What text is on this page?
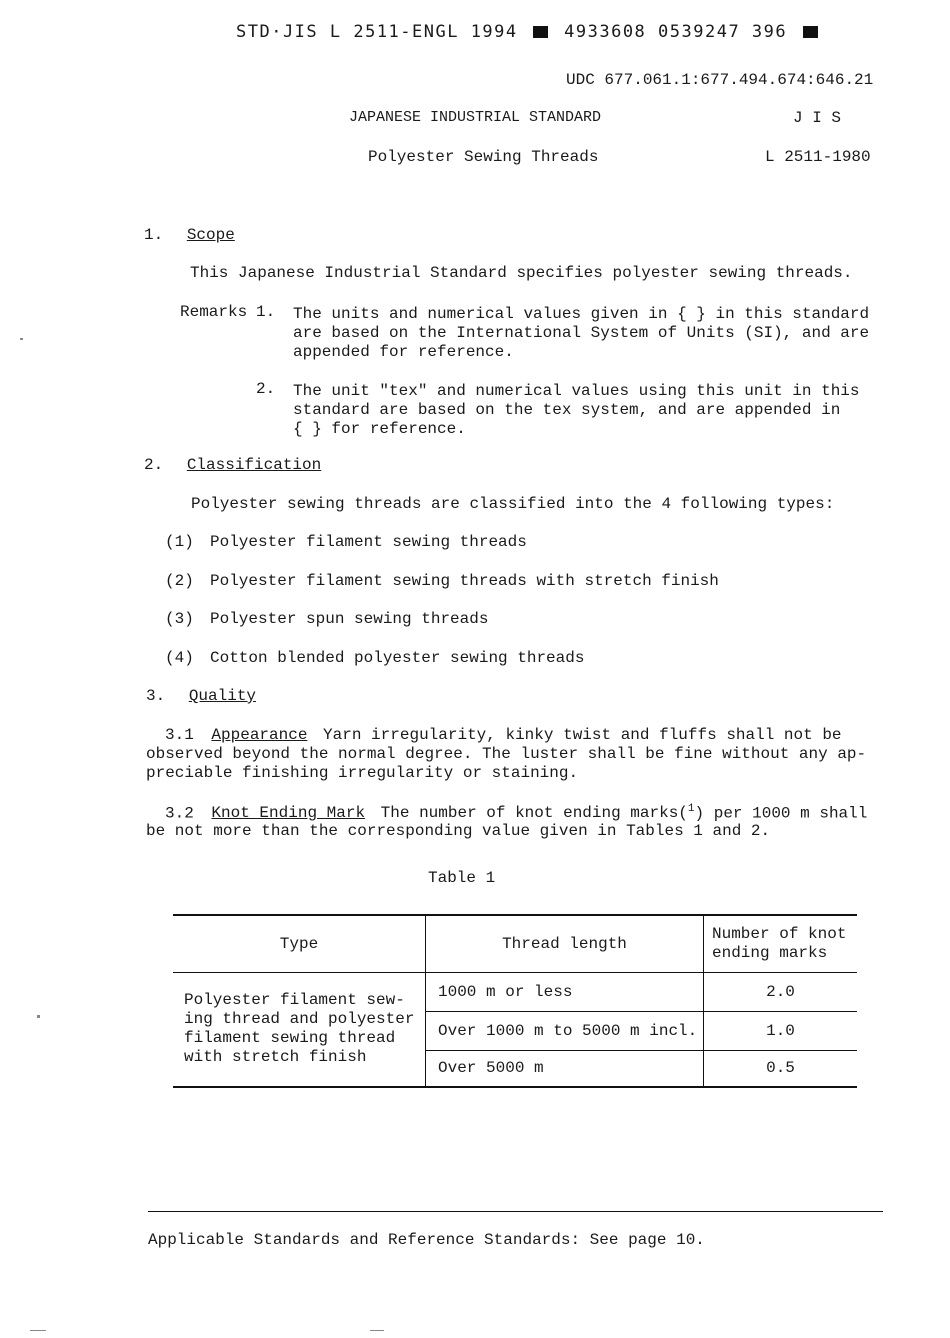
STD·JIS L 2511-ENGL 1994	4933608 0539247 396
UDC 677.061.1:677.494.674:646.21
JAPANESE INDUSTRIAL STANDARD	J I S
Polyester Sewing Threads	L 2511-1980
1. Scope
This Japanese Industrial Standard specifies polyester sewing threads.
Remarks 1. The units and numerical values given in { } in this standard
are based on the International System of Units (SI), and are
appended for reference.
2. The unit "tex" and numerical values using this unit in this
standard are based on the tex system, and are appended in
{ } for reference.
2. Classification
Polyester sewing threads are classified into the 4 following types:
(1) Polyester filament sewing threads
(2) Polyester filament sewing threads with stretch finish
(3) Polyester spun sewing threads
(4) Cotton blended polyester sewing threads
3. Quality
3.1 Appearance Yarn irregularity, kinky twist and fluffs shall not be
observed beyond the normal degree. The luster shall be fine without any ap-
preciable finishing irregularity or staining.
3.2 Knot Ending Mark The number of knot ending marks($^1$) per 1000 m shall
be not more than the corresponding value given in Tables 1 and 2.
Table 1
Type	Thread length	Number of knot
ending marks
Polyester filament sew-
ing thread and polyester
filament sewing thread
with stretch finish	1000 m or less	2.0
	Over 1000 m to 5000 m incl.	1.0
	Over 5000 m	0.5
Applicable Standards and Reference Standards: See page 10.
